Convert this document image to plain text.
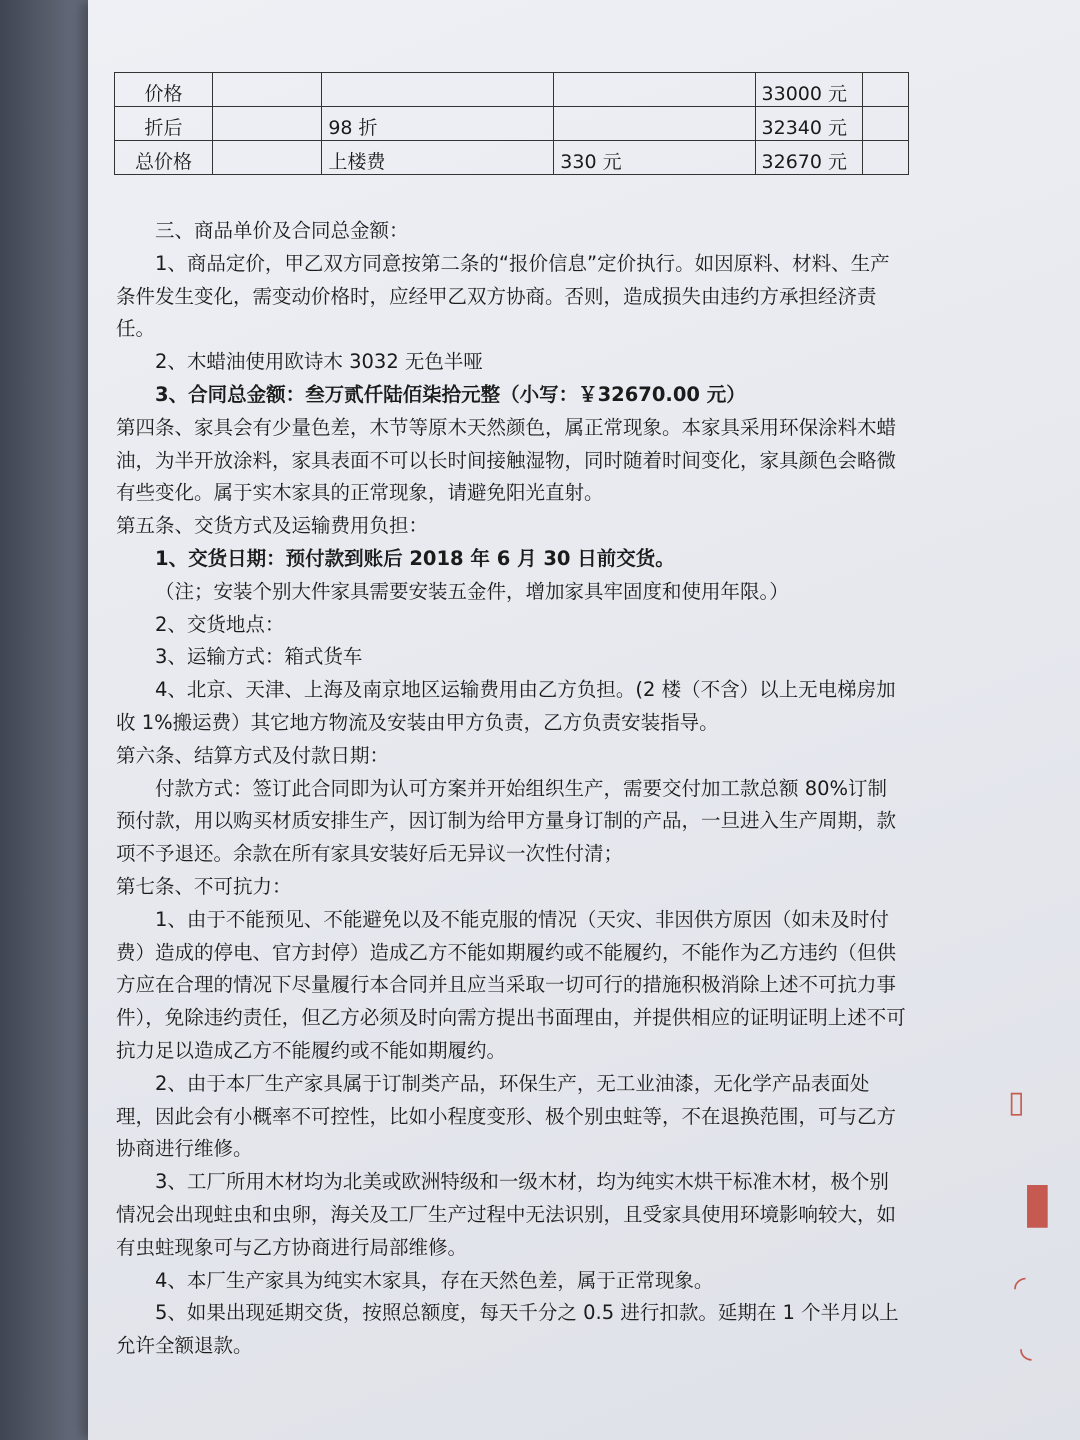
价格				33000 元	
折后		98 折		32340 元	
总价格		上楼费	330 元	32670 元	

三、商品单价及合同总金额：

1、商品定价，甲乙双方同意按第二条的“报价信息”定价执行。如因原料、材料、生产条件发生变化，需变动价格时，应经甲乙双方协商。否则，造成损失由违约方承担经济责任。

2、木蜡油使用欧诗木 3032 无色半哑

3、合同总金额：叁万贰仟陆佰柒拾元整（小写：￥32670.00 元）

第四条、家具会有少量色差，木节等原木天然颜色，属正常现象。本家具采用环保涂料木蜡油，为半开放涂料，家具表面不可以长时间接触湿物，同时随着时间变化，家具颜色会略微有些变化。属于实木家具的正常现象，请避免阳光直射。

第五条、交货方式及运输费用负担：

1、交货日期：预付款到账后 2018 年 6 月 30 日前交货。

（注；安装个别大件家具需要安装五金件，增加家具牢固度和使用年限。）

2、交货地点：

3、运输方式：箱式货车

4、北京、天津、上海及南京地区运输费用由乙方负担。(2 楼（不含）以上无电梯房加收 1%搬运费）其它地方物流及安装由甲方负责，乙方负责安装指导。

第六条、结算方式及付款日期：

付款方式：签订此合同即为认可方案并开始组织生产，需要交付加工款总额 80%订制预付款，用以购买材质安排生产，因订制为给甲方量身订制的产品，一旦进入生产周期，款项不予退还。余款在所有家具安装好后无异议一次性付清；

第七条、不可抗力：

1、由于不能预见、不能避免以及不能克服的情况（天灾、非因供方原因（如未及时付费）造成的停电、官方封停）造成乙方不能如期履约或不能履约，不能作为乙方违约（但供方应在合理的情况下尽量履行本合同并且应当采取一切可行的措施积极消除上述不可抗力事件），免除违约责任，但乙方必须及时向需方提出书面理由，并提供相应的证明证明上述不可抗力足以造成乙方不能履约或不能如期履约。

2、由于本厂生产家具属于订制类产品，环保生产，无工业油漆，无化学产品表面处理，因此会有小概率不可控性，比如小程度变形、极个别虫蛀等，不在退换范围，可与乙方协商进行维修。

3、工厂所用木材均为北美或欧洲特级和一级木材，均为纯实木烘干标准木材，极个别情况会出现蛀虫和虫卵，海关及工厂生产过程中无法识别，且受家具使用环境影响较大，如有虫蛀现象可与乙方协商进行局部维修。

4、本厂生产家具为纯实木家具，存在天然色差，属于正常现象。

5、如果出现延期交货，按照总额度，每天千分之 0.5 进行扣款。延期在 1 个半月以上允许全额退款。

▯
▮
◜
◟
